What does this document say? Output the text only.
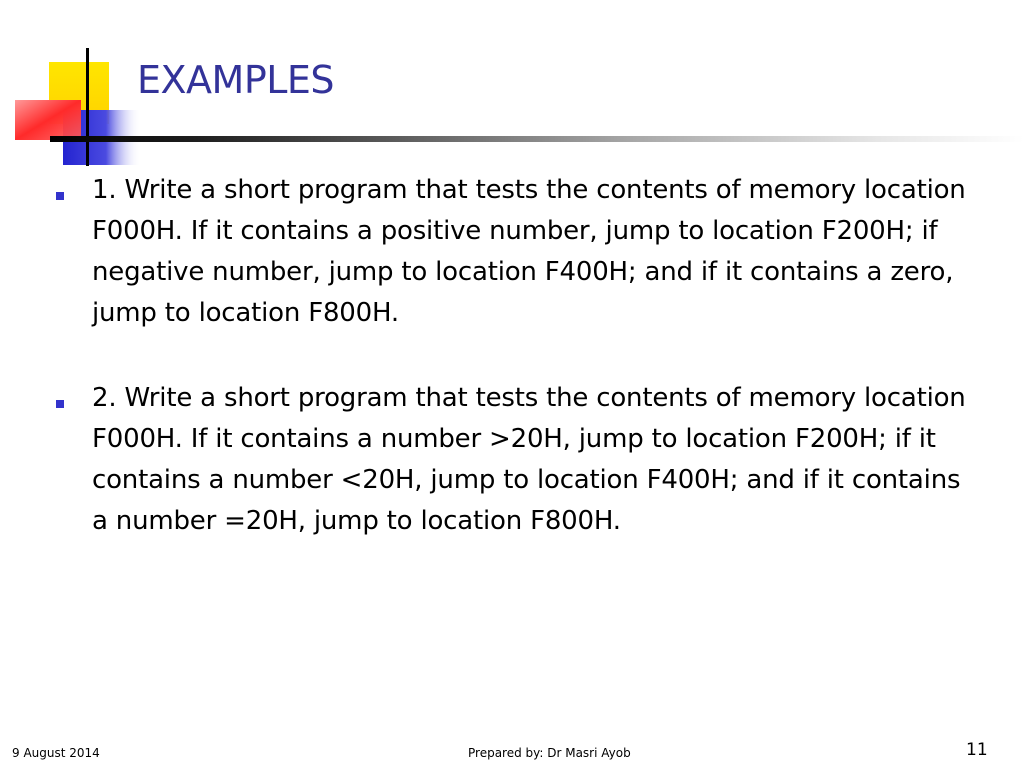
EXAMPLES
1. Write a short program that tests the contents of memory location F000H. If it contains a positive number, jump to location F200H; if negative number, jump to location F400H; and if it contains a zero, jump to location F800H.
2. Write a short program that tests the contents of memory location F000H. If it contains a number >20H, jump to location F200H; if it contains a number <20H, jump to location F400H; and if it contains a number =20H, jump to location F800H.
9 August 2014	Prepared by: Dr Masri Ayob	11
